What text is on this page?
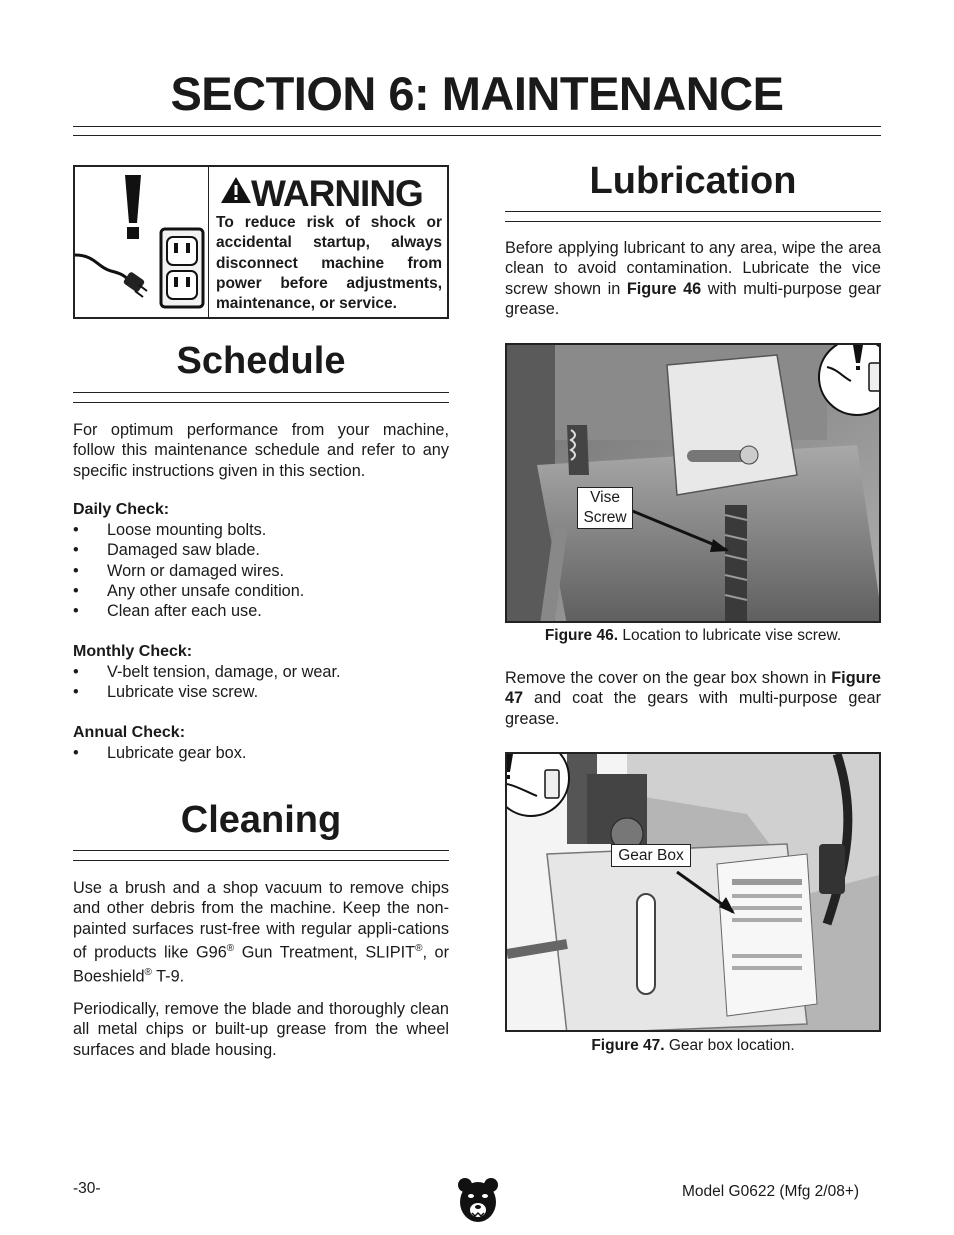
SECTION 6: MAINTENANCE
WARNING
To reduce risk of shock or accidental startup, always disconnect machine from power before adjustments, maintenance, or service.
Schedule
For optimum performance from your machine, follow this maintenance schedule and refer to any specific instructions given in this section.
Daily Check:
• Loose mounting bolts.
• Damaged saw blade.
• Worn or damaged wires.
• Any other unsafe condition.
• Clean after each use.
Monthly Check:
• V-belt tension, damage, or wear.
• Lubricate vise screw.
Annual Check:
• Lubricate gear box.
Cleaning
Use a brush and a shop vacuum to remove chips and other debris from the machine. Keep the non-painted surfaces rust-free with regular appli-cations of products like G96® Gun Treatment, SLIPIT®, or Boeshield® T-9.
Periodically, remove the blade and thoroughly clean all metal chips or built-up grease from the wheel surfaces and blade housing.
Lubrication
Before applying lubricant to any area, wipe the area clean to avoid contamination. Lubricate the vice screw shown in Figure 46 with multi-purpose gear grease.
Vise
Screw
Figure 46. Location to lubricate vise screw.
Remove the cover on the gear box shown in Figure 47 and coat the gears with multi-purpose gear grease.
Gear Box
Figure 47. Gear box location.
-30-	Model G0622 (Mfg 2/08+)
